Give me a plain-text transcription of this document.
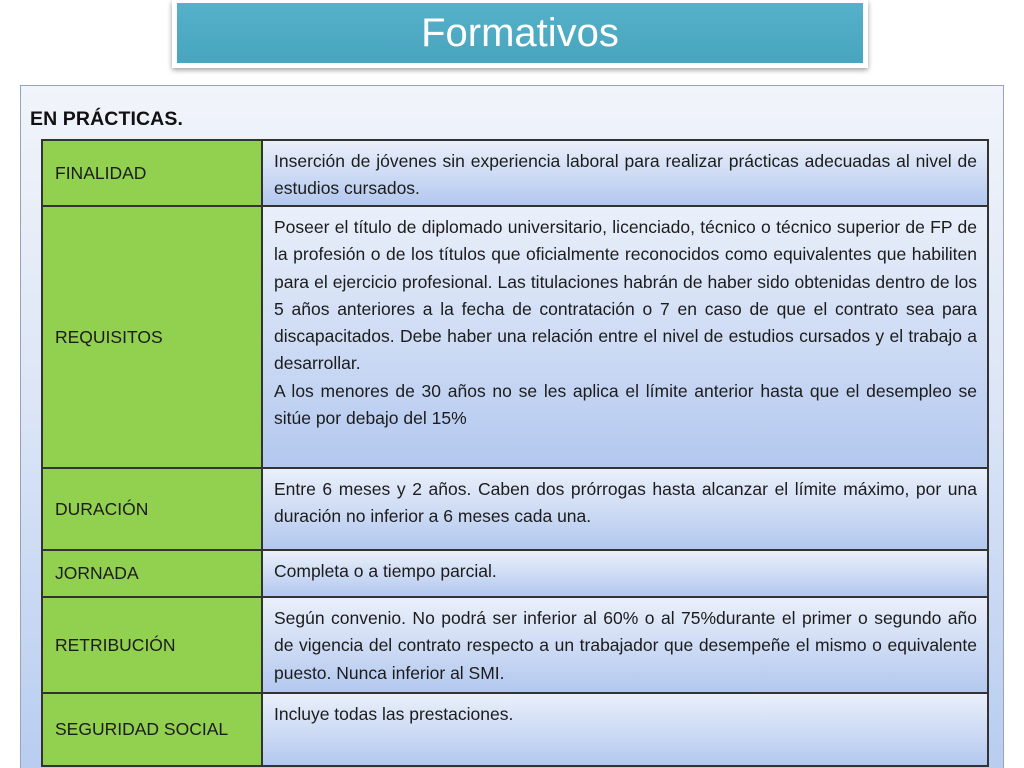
Formativos
EN PRÁCTICAS.
FINALIDAD

Inserción de jóvenes sin experiencia laboral para realizar prácticas adecuadas al nivel de estudios cursados.

REQUISITOS

Poseer el título de diplomado universitario, licenciado, técnico o técnico superior de FP de la profesión o de los títulos que oficialmente reconocidos como equivalentes que habiliten para el ejercicio profesional. Las titulaciones habrán de haber sido obtenidas dentro de los 5 años anteriores a la fecha de contratación o 7 en caso de que el contrato sea para discapacitados. Debe haber una relación entre el nivel de estudios cursados y el trabajo a desarrollar.

A los menores de 30 años no se les aplica el límite anterior hasta que el desempleo se sitúe por debajo del 15%

DURACIÓN

Entre 6 meses y 2 años. Caben dos prórrogas hasta alcanzar el límite máximo, por una duración no inferior a 6 meses cada una.

JORNADA	Completa o a tiempo parcial.

RETRIBUCIÓN

Según convenio. No podrá ser inferior al 60% o al 75%durante el primer o segundo año de vigencia del contrato respecto a un trabajador que desempeñe el mismo o equivalente puesto. Nunca inferior al SMI.

SEGURIDAD SOCIAL

Incluye todas las prestaciones.
